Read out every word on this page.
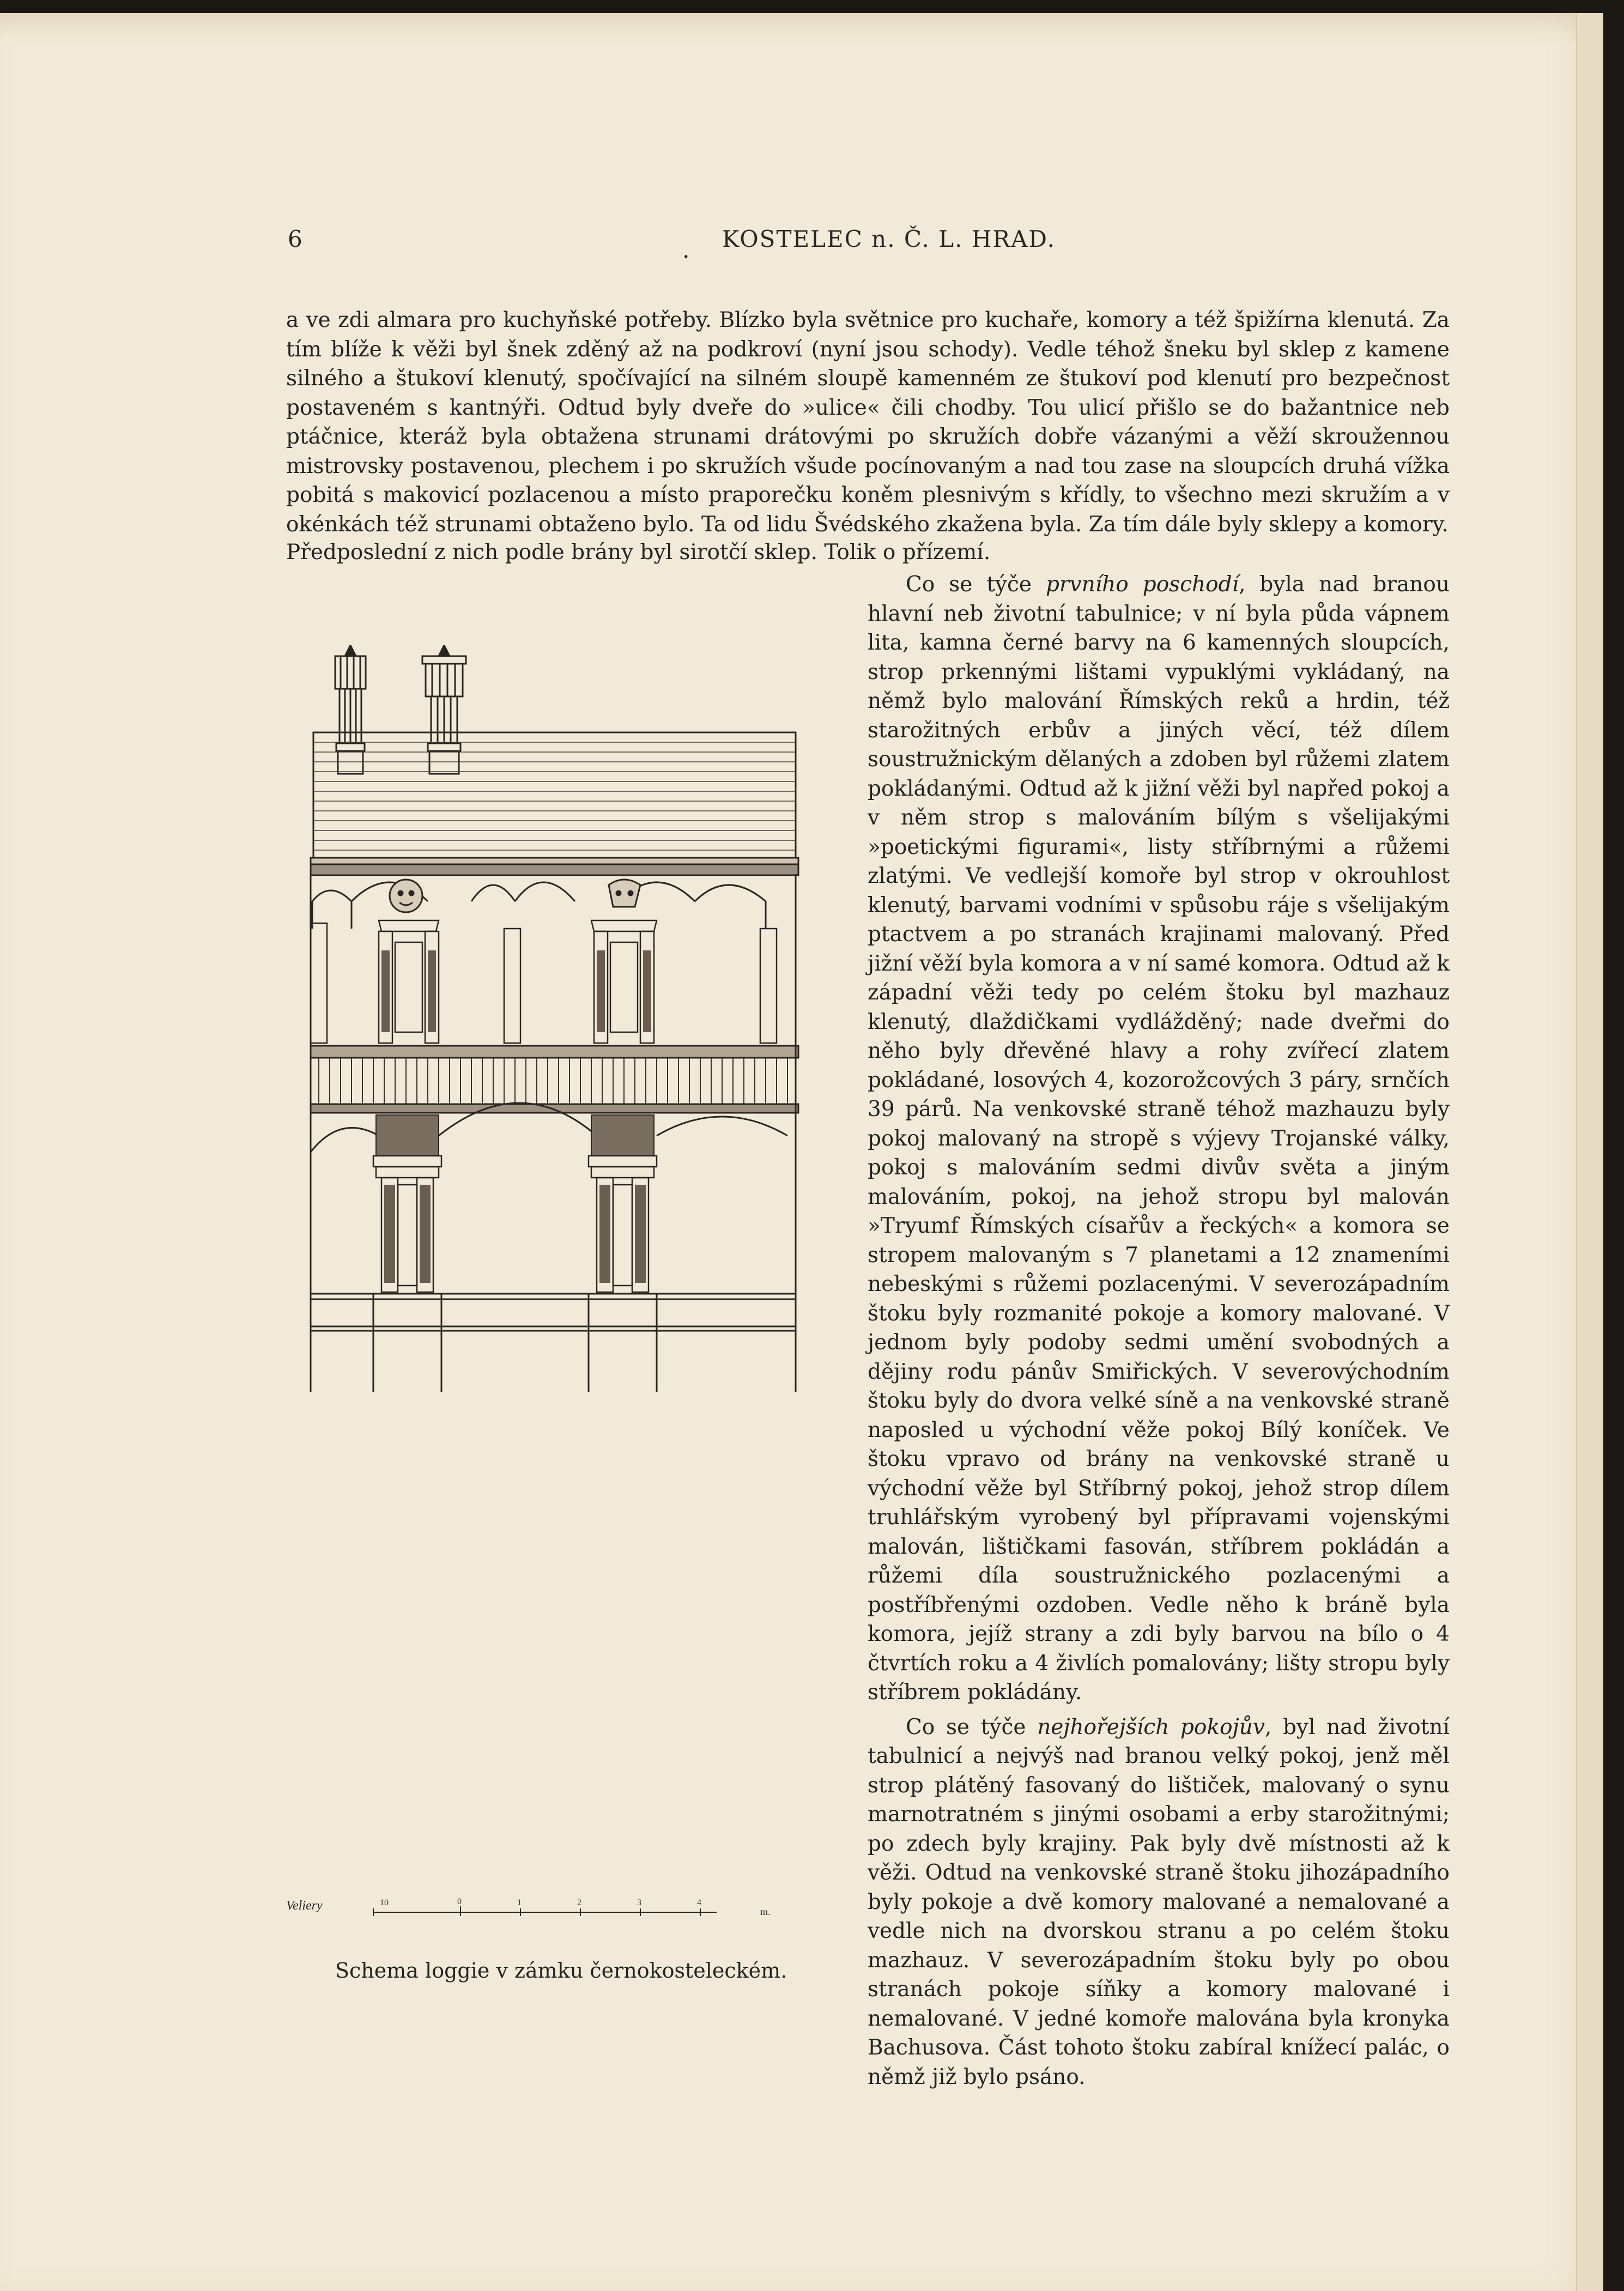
6	. KOSTELEC n. Č. L. HRAD.

a ve zdi almara pro kuchyňské potřeby. Blízko byla světnice pro kuchaře, komory a též špižírna klenutá. Za tím blíže k věži byl šnek zděný až na podkroví (nyní jsou schody). Vedle téhož šneku byl sklep z kamene silného a štukoví klenutý, spočívající na silném sloupě kamenném ze štukoví pod klenutí pro bezpečnost postaveném s kantnýři. Odtud byly dveře do »ulice« čili chodby. Tou ulicí přišlo se do bažantnice neb ptáčnice, kteráž byla obtažena strunami drátovými po skružích dobře vázanými a věží skroužennou mistrovsky postavenou, plechem i po skružích všude pocínovaným a nad tou zase na sloupcích druhá vížka pobitá s makovicí pozlacenou a místo praporečku koněm plesnivým s křídly, to všechno mezi skružím a v okénkách též strunami obtaženo bylo. Ta od lidu Švédského zkažena byla. Za tím dále byly sklepy a komory.

Předposlední z nich podle brány byl sirotčí sklep. Tolik o přízemí.

Co se týče prvního poschodí, byla nad branou hlavní neb životní tabulnice; v ní byla půda vápnem lita, kamna černé barvy na 6 kamenných sloupcích, strop prkennými lištami vypuklými vykládaný, na němž bylo malování Římských reků a hrdin, též starožitných erbův a jiných věcí, též dílem soustružnickým dělaných a zdoben byl růžemi zlatem pokládanými. Odtud až k jižní věži byl napřed pokoj a v něm strop s malováním bílým s všelijakými »poetickými figurami«, listy stříbrnými a růžemi zlatými. Ve vedlejší komoře byl strop v okrouhlost klenutý, barvami vodními v spůsobu ráje s všelijakým ptactvem a po stranách krajinami malovaný. Před jižní věží byla komora a v ní samé komora. Odtud až k západní věži tedy po celém štoku byl mazhauz klenutý, dlaždičkami vydlážděný; nade dveřmi do něho byly dřevěné hlavy a rohy zvířecí zlatem pokládané, losových 4, kozorožcových 3 páry, srnčích 39 párů. Na venkovské straně téhož mazhauzu byly pokoj malovaný na stropě s výjevy Trojanské války, pokoj s malováním sedmi divův světa a jiným malováním, pokoj, na jehož stropu byl malován »Tryumf Římských císařův a řeckých« a komora se stropem malovaným s 7 planetami a 12 znameními nebeskými s růžemi pozlacenými. V severozápadním štoku byly rozmanité pokoje a komory malované. V jednom byly podoby sedmi umění svobodných a dějiny rodu pánův Smiřických. V severovýchodním štoku byly do dvora velké síně a na venkovské straně naposled u východní věže pokoj Bílý koníček. Ve štoku vpravo od brány na venkovské straně u východní věže byl Stříbrný pokoj, jehož strop dílem truhlářským vyrobený byl přípravami vojenskými malován, lištičkami fasován, stříbrem pokládán a růžemi díla soustružnického pozlacenými a postříbřenými ozdoben. Vedle něho k bráně byla komora, jejíž strany a zdi byly barvou na bílo o 4 čtvrtích roku a 4 živlích pomalovány; lišty stropu byly stříbrem pokládány.

Co se týče nejhořejších pokojův, byl nad životní tabulnicí a nejvýš nad branou velký pokoj, jenž měl strop plátěný fasovaný do lištiček, malovaný o synu marnotratném s jinými osobami a erby starožitnými; po zdech byly krajiny. Pak byly dvě místnosti až k věži. Odtud na venkovské straně štoku jihozápadního byly pokoje a dvě komory malované a nemalované a vedle nich na dvorskou stranu a po celém štoku mazhauz. V severozápadním štoku byly po obou stranách pokoje síňky a komory malované i nemalované. V jedné komoře malována byla kronyka Bachusova. Část tohoto štoku zabíral knížecí palác, o němž již bylo psáno.

Veliery	10	0	1	2	3	4
m.
Schema loggie v zámku černokosteleckém.
